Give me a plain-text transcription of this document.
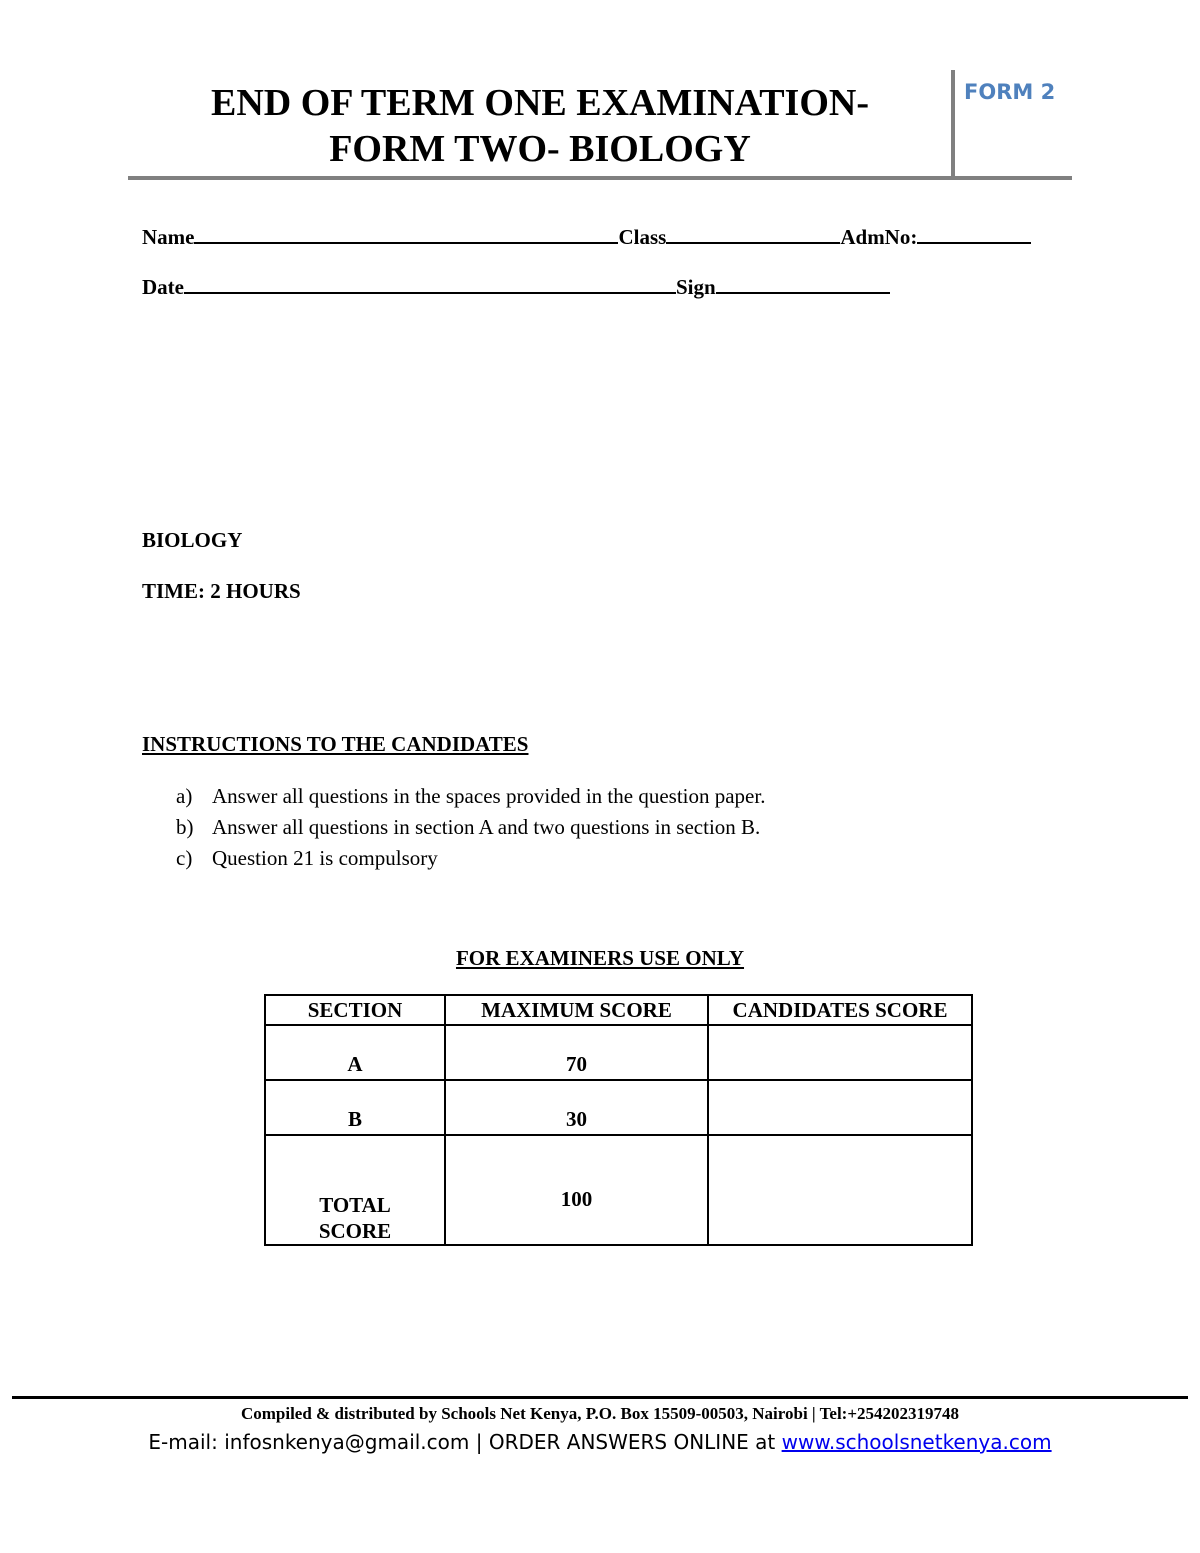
END OF TERM ONE EXAMINATION-
FORM TWO- BIOLOGY
FORM 2
Name	Class	AdmNo:
Date	Sign
BIOLOGY
TIME: 2 HOURS
INSTRUCTIONS TO THE CANDIDATES
a) Answer all questions in the spaces provided in the question paper.
b) Answer all questions in section A and two questions in section B.
c) Question 21 is compulsory
FOR EXAMINERS USE ONLY
SECTION	MAXIMUM SCORE	CANDIDATES SCORE
A	70	
B	30	
TOTAL SCORE	100	
Compiled & distributed by Schools Net Kenya, P.O. Box 15509-00503, Nairobi | Tel:+254202319748
E-mail: infosnkenya@gmail.com | ORDER ANSWERS ONLINE at www.schoolsnetkenya.com
